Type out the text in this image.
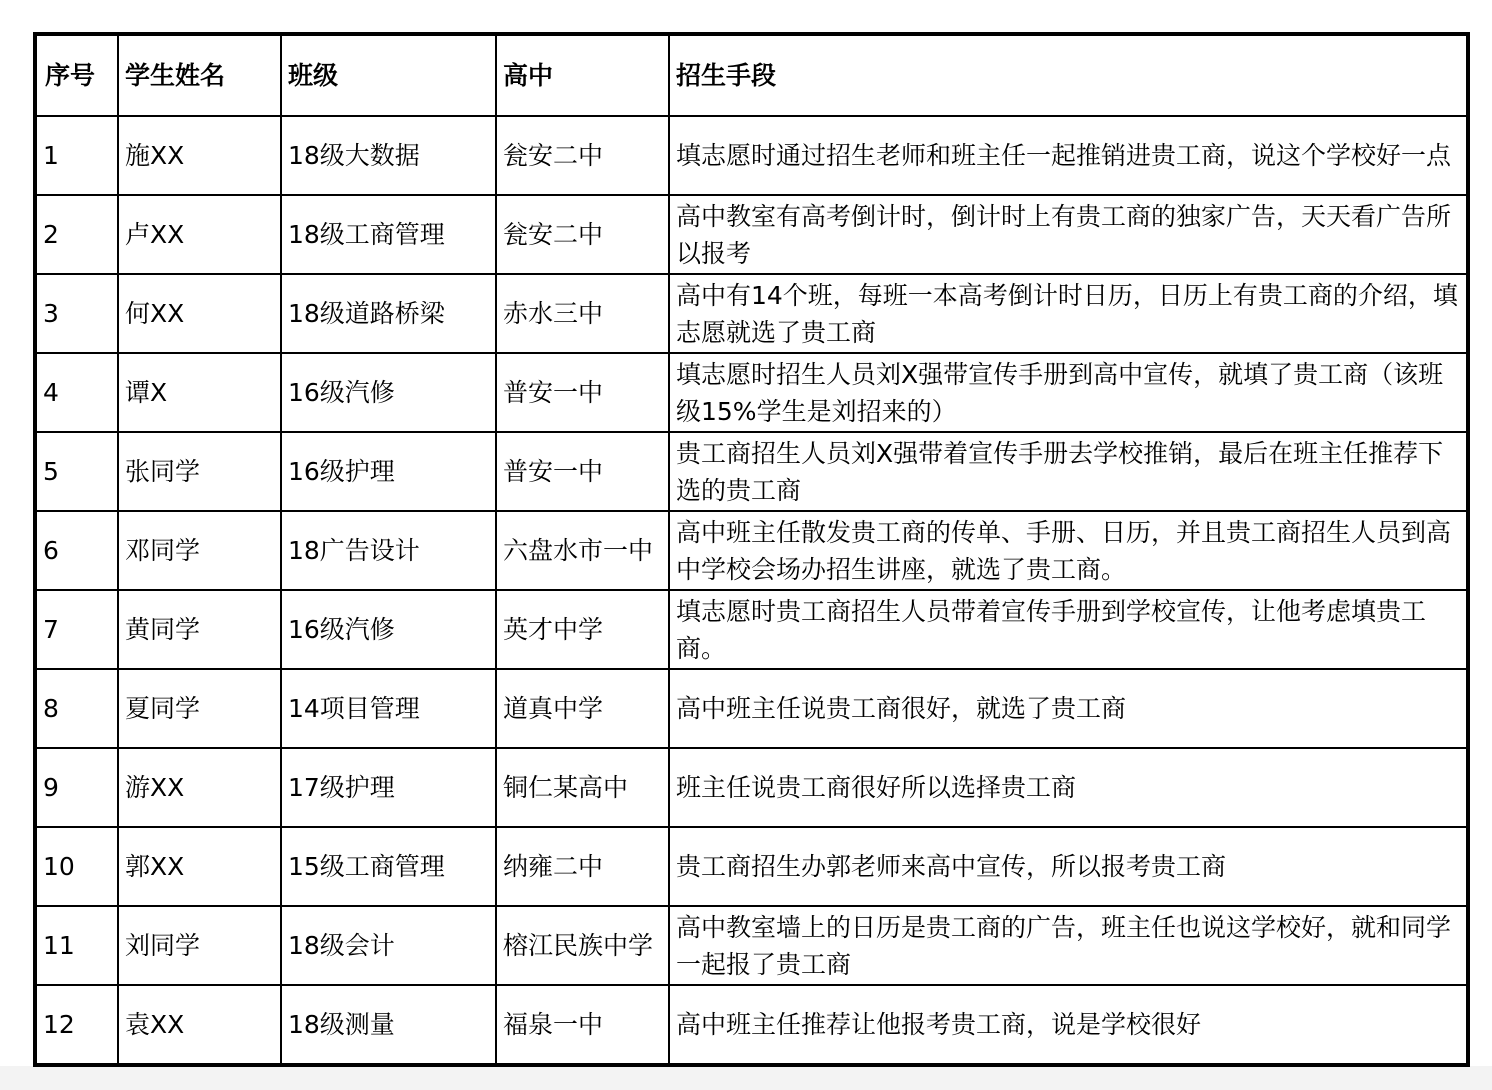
序号	学生姓名	班级	高中	招生手段
1	施XX	18级大数据	瓮安二中	填志愿时通过招生老师和班主任一起推销进贵工商，说这个学校好一点
2	卢XX	18级工商管理	瓮安二中	高中教室有高考倒计时，倒计时上有贵工商的独家广告，天天看广告所以报考
3	何XX	18级道路桥梁	赤水三中	高中有14个班，每班一本高考倒计时日历，日历上有贵工商的介绍，填志愿就选了贵工商
4	谭X	16级汽修	普安一中	填志愿时招生人员刘X强带宣传手册到高中宣传，就填了贵工商（该班级15%学生是刘招来的）
5	张同学	16级护理	普安一中	贵工商招生人员刘X强带着宣传手册去学校推销，最后在班主任推荐下选的贵工商
6	邓同学	18广告设计	六盘水市一中	高中班主任散发贵工商的传单、手册、日历，并且贵工商招生人员到高中学校会场办招生讲座，就选了贵工商。
7	黄同学	16级汽修	英才中学	填志愿时贵工商招生人员带着宣传手册到学校宣传，让他考虑填贵工商。
8	夏同学	14项目管理	道真中学	高中班主任说贵工商很好，就选了贵工商
9	游XX	17级护理	铜仁某高中	班主任说贵工商很好所以选择贵工商
10	郭XX	15级工商管理	纳雍二中	贵工商招生办郭老师来高中宣传，所以报考贵工商
11	刘同学	18级会计	榕江民族中学	高中教室墙上的日历是贵工商的广告，班主任也说这学校好，就和同学一起报了贵工商
12	袁XX	18级测量	福泉一中	高中班主任推荐让他报考贵工商，说是学校很好
